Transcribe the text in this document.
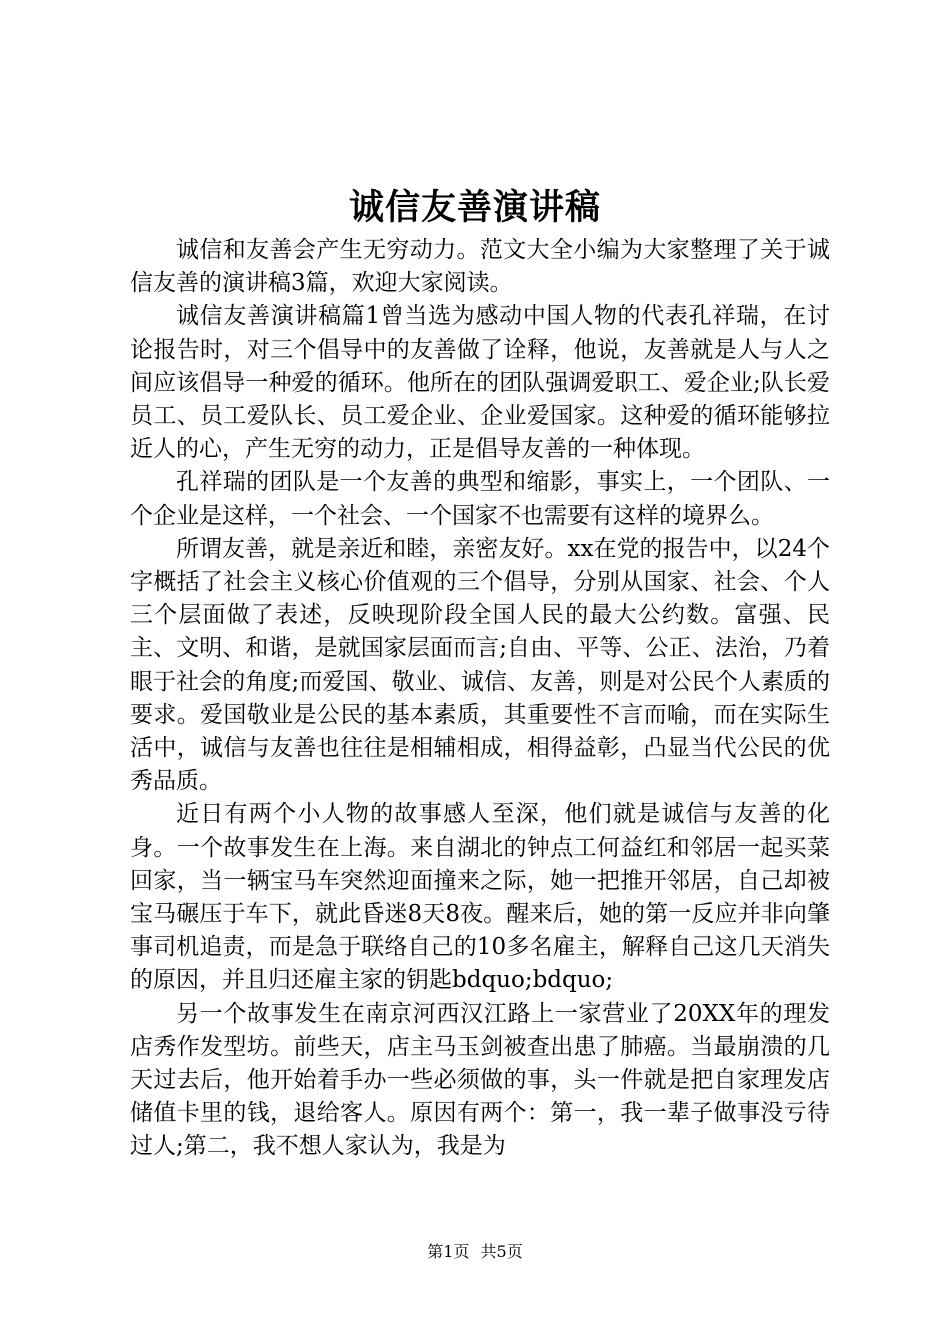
诚信友善演讲稿

诚信和友善会产生无穷动力。范文大全小编为大家整理了关于诚信友善的演讲稿3篇，欢迎大家阅读。

诚信友善演讲稿篇1曾当选为感动中国人物的代表孔祥瑞，在讨论报告时，对三个倡导中的友善做了诠释，他说，友善就是人与人之间应该倡导一种爱的循环。他所在的团队强调爱职工、爱企业;队长爱员工、员工爱队长、员工爱企业、企业爱国家。这种爱的循环能够拉近人的心，产生无穷的动力，正是倡导友善的一种体现。

孔祥瑞的团队是一个友善的典型和缩影，事实上，一个团队、一个企业是这样，一个社会、一个国家不也需要有这样的境界么。

所谓友善，就是亲近和睦，亲密友好。xx在党的报告中，以24个字概括了社会主义核心价值观的三个倡导，分别从国家、社会、个人三个层面做了表述，反映现阶段全国人民的最大公约数。富强、民主、文明、和谐，是就国家层面而言;自由、平等、公正、法治，乃着眼于社会的角度;而爱国、敬业、诚信、友善，则是对公民个人素质的要求。爱国敬业是公民的基本素质，其重要性不言而喻，而在实际生活中，诚信与友善也往往是相辅相成，相得益彰，凸显当代公民的优秀品质。

近日有两个小人物的故事感人至深，他们就是诚信与友善的化身。一个故事发生在上海。来自湖北的钟点工何益红和邻居一起买菜回家，当一辆宝马车突然迎面撞来之际，她一把推开邻居，自己却被宝马碾压于车下，就此昏迷8天8夜。醒来后，她的第一反应并非向肇事司机追责，而是急于联络自己的10多名雇主，解释自己这几天消失的原因，并且归还雇主家的钥匙bdquo;bdquo;

另一个故事发生在南京河西汉江路上一家营业了20XX年的理发店秀作发型坊。前些天，店主马玉剑被查出患了肺癌。当最崩溃的几天过去后，他开始着手办一些必须做的事，头一件就是把自家理发店储值卡里的钱，退给客人。原因有两个：第一，我一辈子做事没亏待过人;第二，我不想人家认为，我是为

第1页 共5页
